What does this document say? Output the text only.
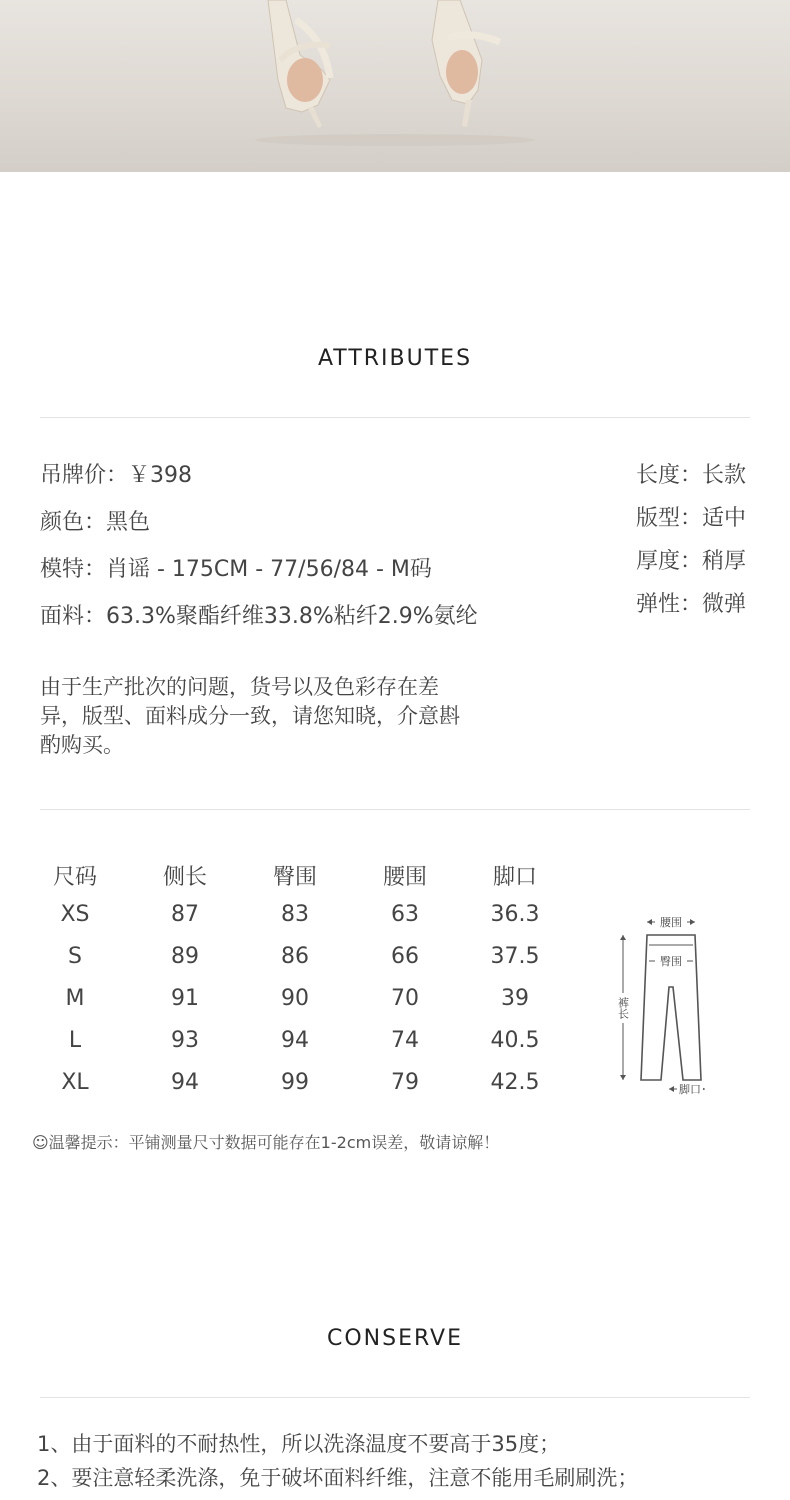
ATTRIBUTES
吊牌价：￥398
颜色：黑色
模特：肖谣 - 175CM - 77/56/84 - M码
面料：63.3%聚酯纤维33.8%粘纤2.9%氨纶
长度：长款
版型：适中
厚度：稍厚
弹性：微弹
由于生产批次的问题，货号以及色彩存在差异，版型、面料成分一致，请您知晓，介意斟酌购买。
尺码	侧长	臀围	腰围	脚口
XS	87	83	63	36.3
S	89	86	66	37.5
M	91	90	70	39
L	93	94	74	40.5
XL	94	99	79	42.5
腰围
臀围
裤长
脚口
☺温馨提示：平铺测量尺寸数据可能存在1-2cm误差，敬请谅解！
CONSERVE
1、由于面料的不耐热性，所以洗涤温度不要高于35度；
2、要注意轻柔洗涤，免于破坏面料纤维，注意不能用毛刷刷洗；
